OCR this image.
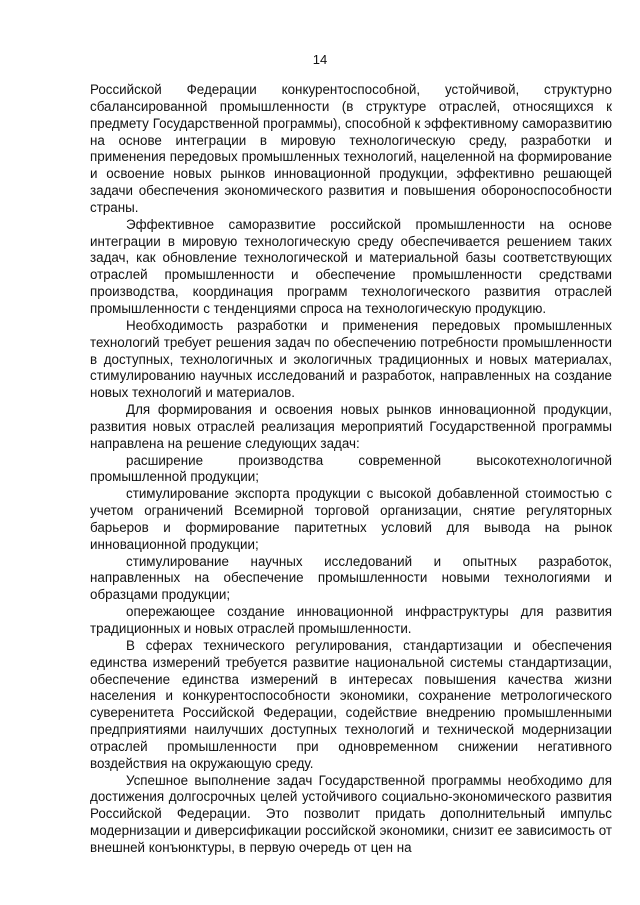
14

Российской Федерации конкурентоспособной, устойчивой, структурно сбалансированной промышленности (в структуре отраслей, относящихся к предмету Государственной программы), способной к эффективному саморазвитию на основе интеграции в мировую технологическую среду, разработки и применения передовых промышленных технологий, нацеленной на формирование и освоение новых рынков инновационной продукции, эффективно решающей задачи обеспечения экономического развития и повышения обороноспособности страны.

Эффективное саморазвитие российской промышленности на основе интеграции в мировую технологическую среду обеспечивается решением таких задач, как обновление технологической и материальной базы соответствующих отраслей промышленности и обеспечение промышленности средствами производства, координация программ технологического развития отраслей промышленности с тенденциями спроса на технологическую продукцию.

Необходимость разработки и применения передовых промышленных технологий требует решения задач по обеспечению потребности промышленности в доступных, технологичных и экологичных традиционных и новых материалах, стимулированию научных исследований и разработок, направленных на создание новых технологий и материалов.

Для формирования и освоения новых рынков инновационной продукции, развития новых отраслей реализация мероприятий Государственной программы направлена на решение следующих задач:

расширение производства современной высокотехнологичной промышленной продукции;

стимулирование экспорта продукции с высокой добавленной стоимостью с учетом ограничений Всемирной торговой организации, снятие регуляторных барьеров и формирование паритетных условий для вывода на рынок инновационной продукции;

стимулирование научных исследований и опытных разработок, направленных на обеспечение промышленности новыми технологиями и образцами продукции;

опережающее создание инновационной инфраструктуры для развития традиционных и новых отраслей промышленности.

В сферах технического регулирования, стандартизации и обеспечения единства измерений требуется развитие национальной системы стандартизации, обеспечение единства измерений в интересах повышения качества жизни населения и конкурентоспособности экономики, сохранение метрологического суверенитета Российской Федерации, содействие внедрению промышленными предприятиями наилучших доступных технологий и технической модернизации отраслей промышленности при одновременном снижении негативного воздействия на окружающую среду.

Успешное выполнение задач Государственной программы необходимо для достижения долгосрочных целей устойчивого социально-экономического развития Российской Федерации. Это позволит придать дополнительный импульс модернизации и диверсификации российской экономики, снизит ее зависимость от внешней конъюнктуры, в первую очередь от цен на
